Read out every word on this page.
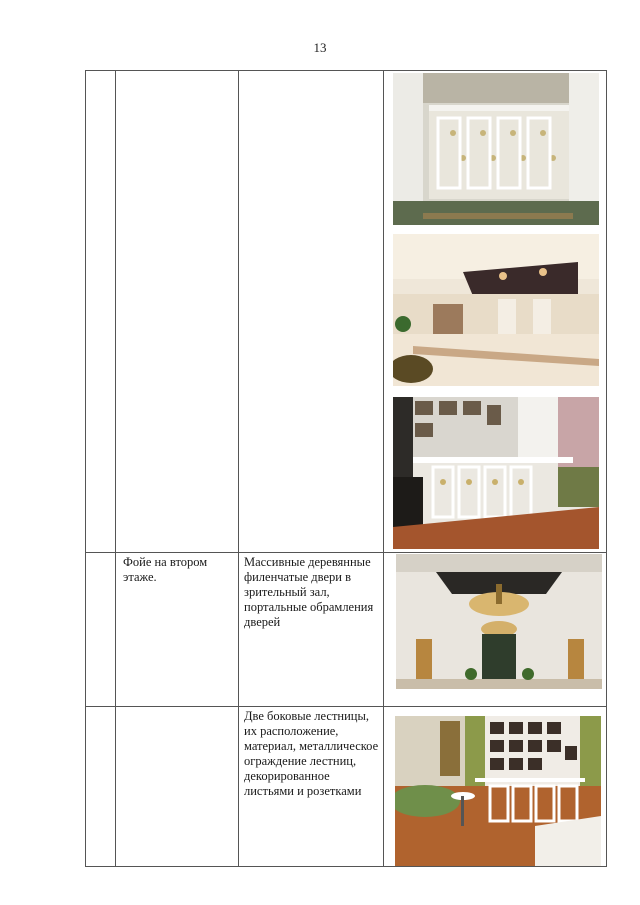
13
Фойе на втором этаже.
Массивные деревянные филенчатые двери в зрительный зал, портальные обрамления дверей
Две боковые лестницы, их расположение, материал, металлическое ограждение лестниц, декорированное листьями и розетками
